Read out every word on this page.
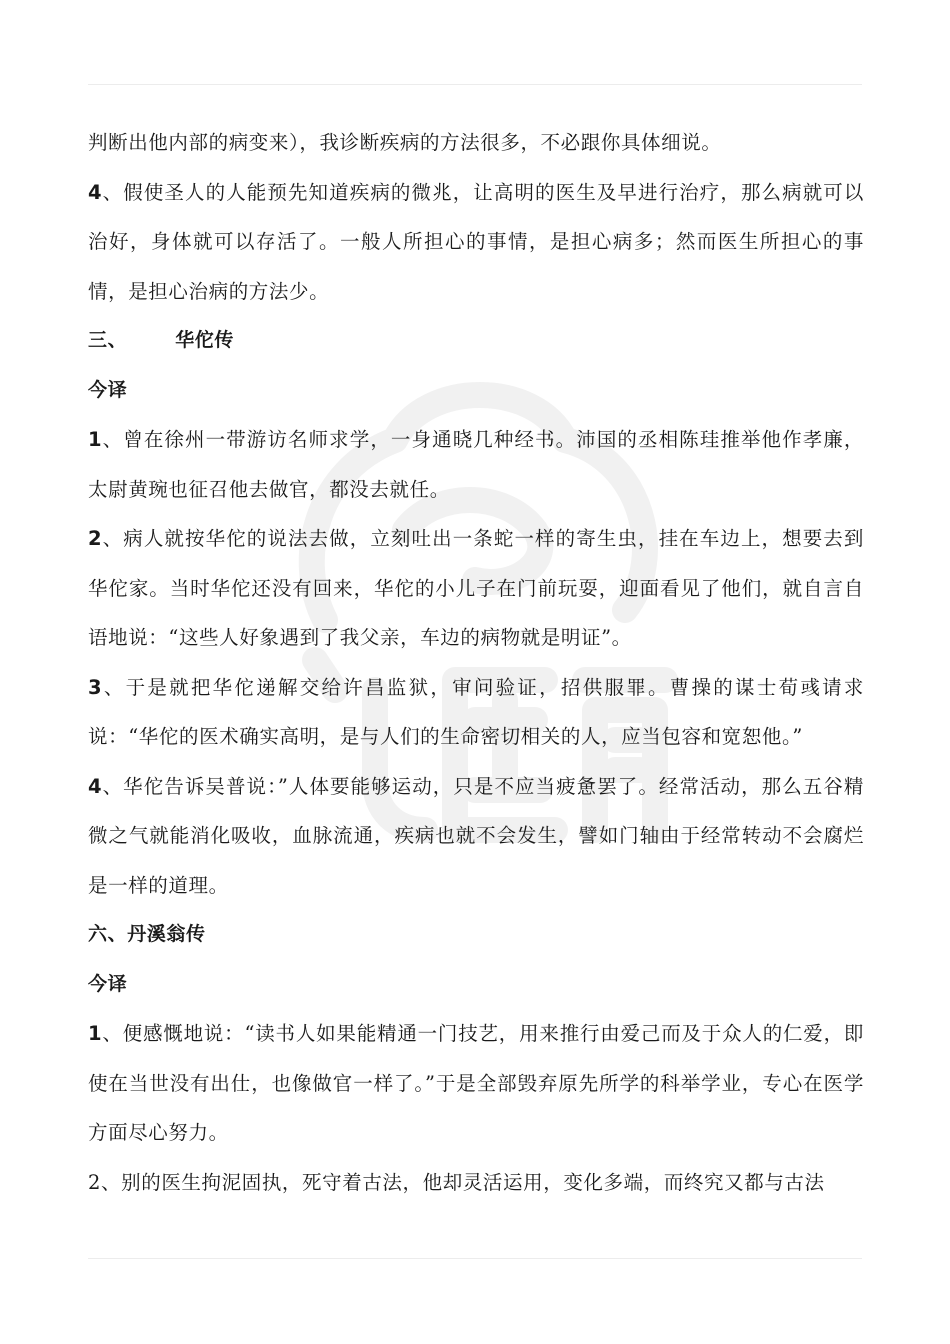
判断出他内部的病变来），我诊断疾病的方法很多，不必跟你具体细说。

4、假使圣人的人能预先知道疾病的微兆，让高明的医生及早进行治疗，那么病就可以治好，身体就可以存活了。一般人所担心的事情，是担心病多；然而医生所担心的事情，是担心治病的方法少。

三、	华佗传

今译

1、曾在徐州一带游访名师求学，一身通晓几种经书。沛国的丞相陈珪推举他作孝廉，太尉黄琬也征召他去做官，都没去就任。

2、病人就按华佗的说法去做，立刻吐出一条蛇一样的寄生虫，挂在车边上，想要去到华佗家。当时华佗还没有回来，华佗的小儿子在门前玩耍，迎面看见了他们，就自言自语地说：“这些人好象遇到了我父亲，车边的病物就是明证”。

3、于是就把华佗递解交给许昌监狱，审问验证，招供服罪。曹操的谋士荀彧请求说：“华佗的医术确实高明，是与人们的生命密切相关的人，应当包容和宽恕他。”

4、华佗告诉吴普说：”人体要能够运动，只是不应当疲惫罢了。经常活动，那么五谷精微之气就能消化吸收，血脉流通，疾病也就不会发生，譬如门轴由于经常转动不会腐烂是一样的道理。

六、丹溪翁传

今译

1、便感慨地说：“读书人如果能精通一门技艺，用来推行由爱己而及于众人的仁爱，即使在当世没有出仕，也像做官一样了。”于是全部毁弃原先所学的科举学业，专心在医学方面尽心努力。

2、别的医生拘泥固执，死守着古法，他却灵活运用，变化多端，而终究又都与古法
